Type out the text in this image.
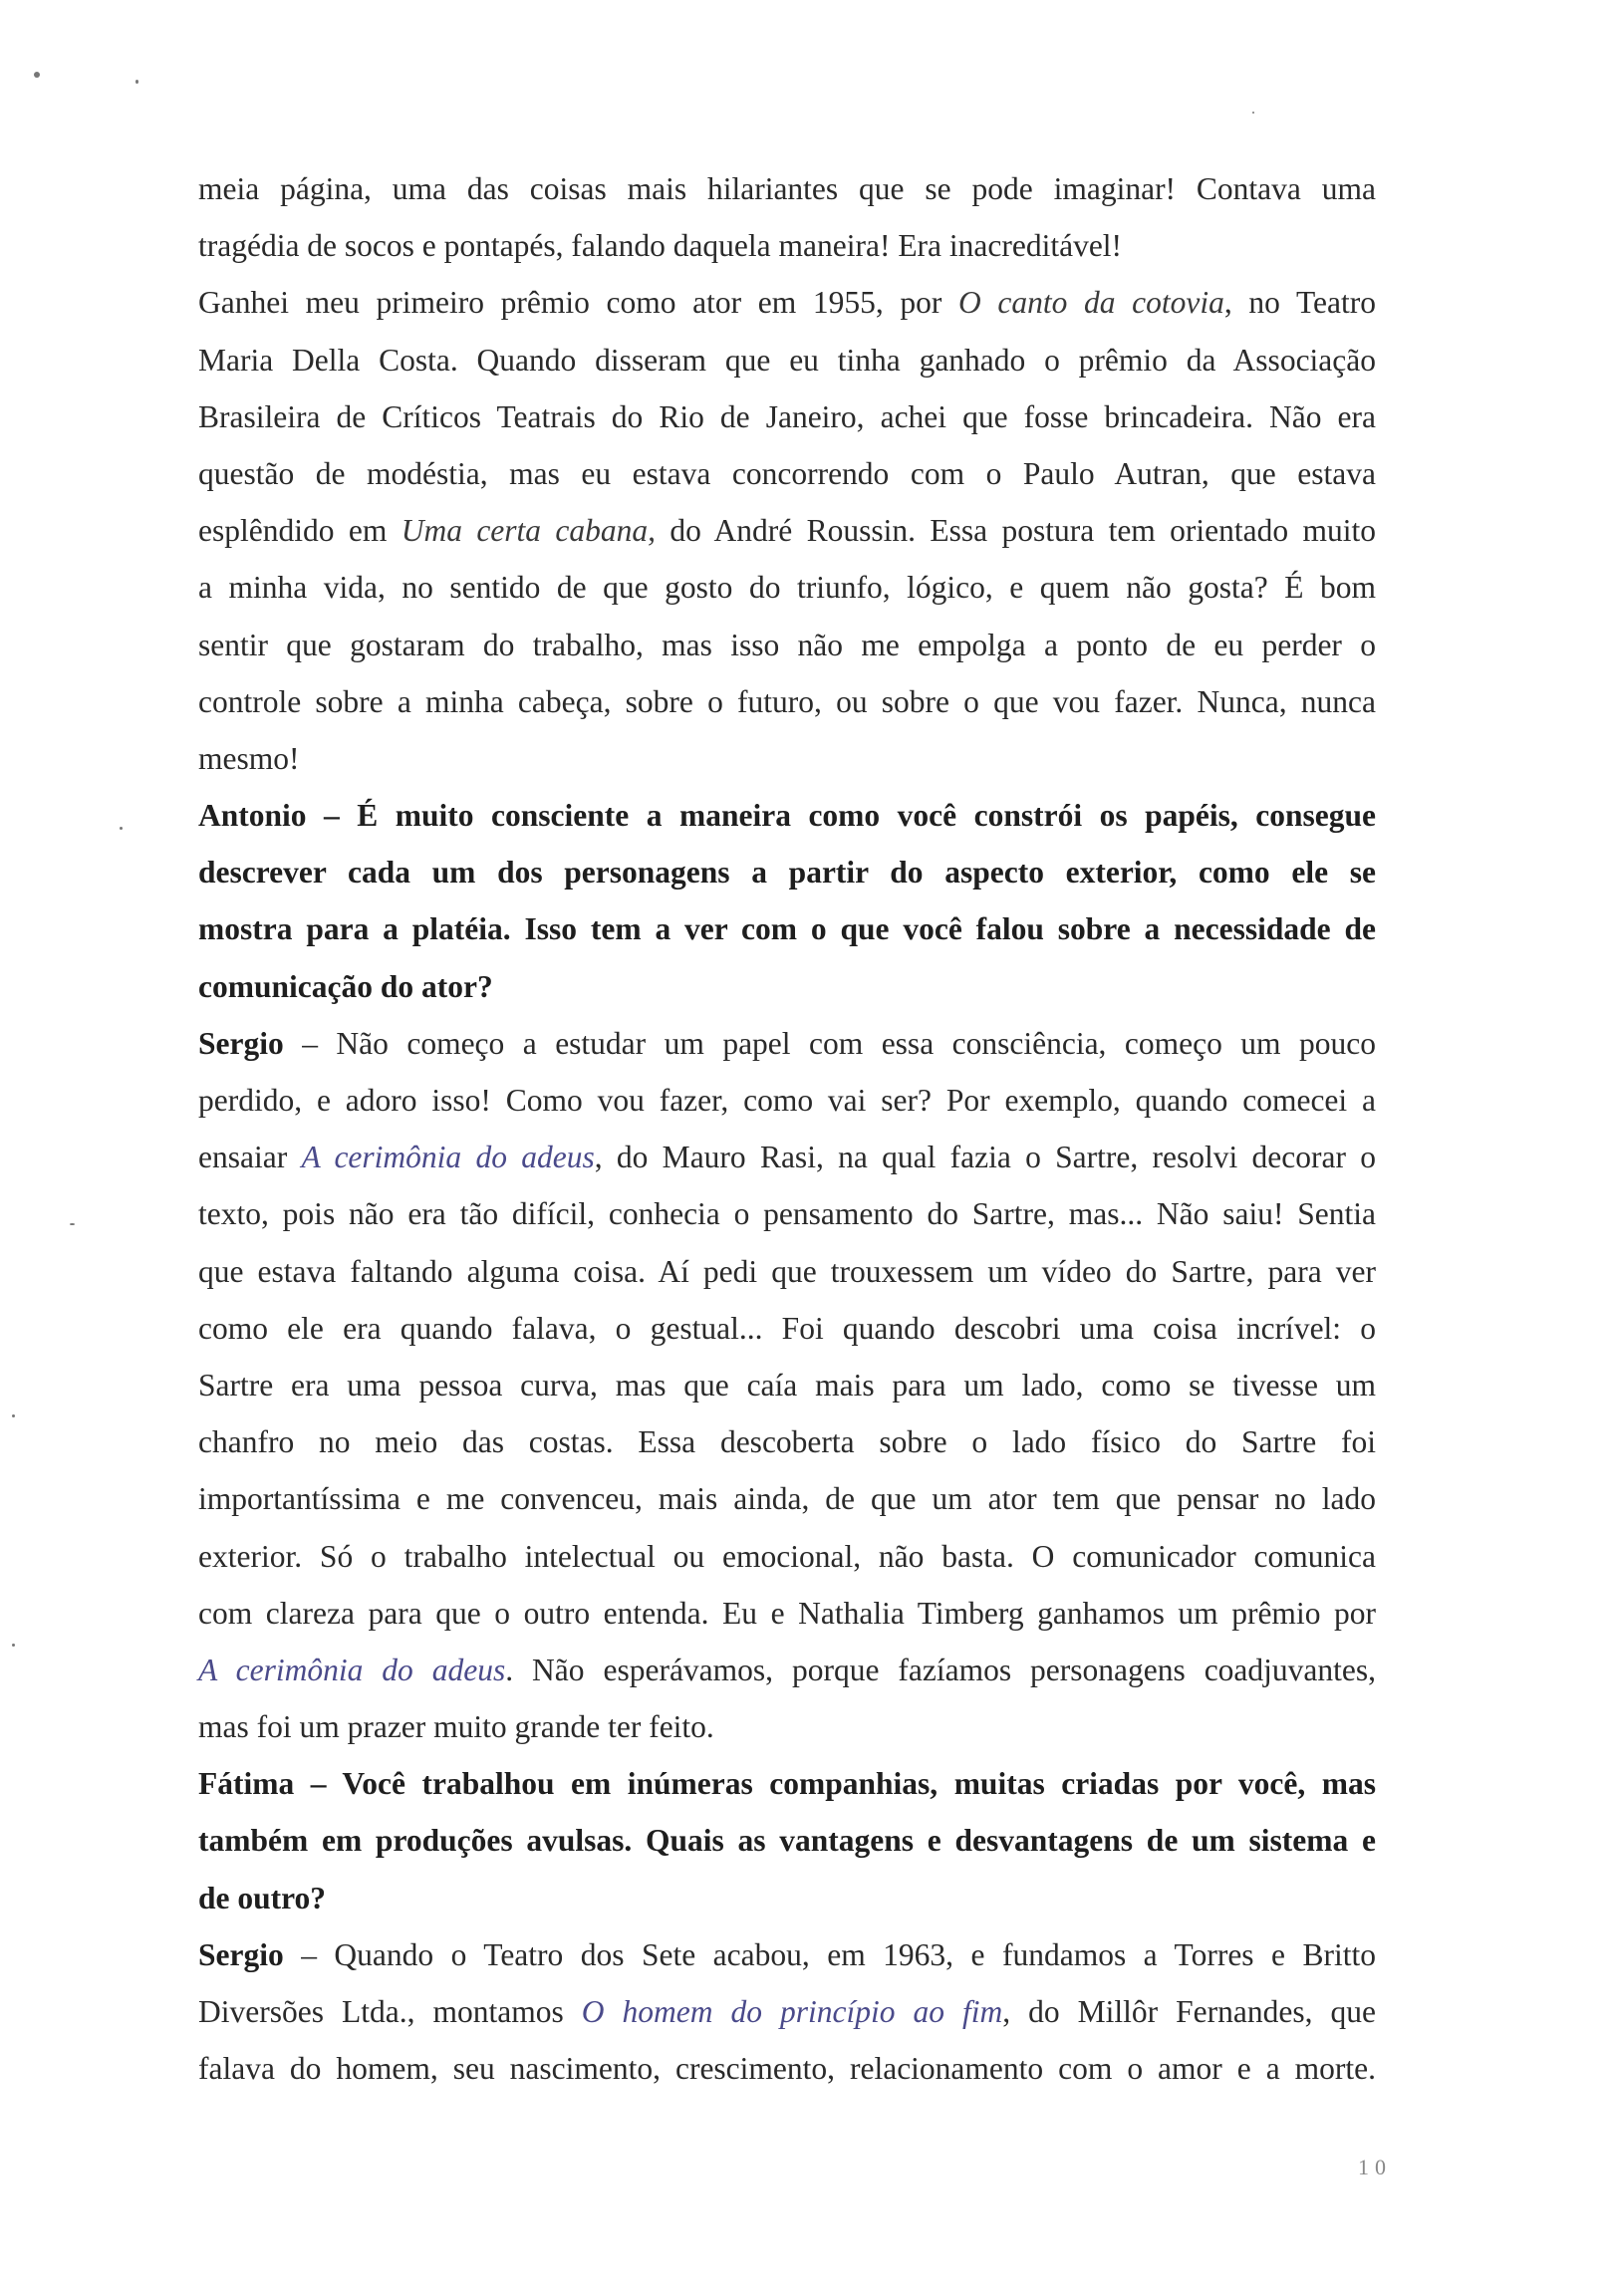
meia página, uma das coisas mais hilariantes que se pode imaginar! Contava uma
tragédia de socos e pontapés, falando daquela maneira! Era inacreditável!
Ganhei meu primeiro prêmio como ator em 1955, por O canto da cotovia, no Teatro
Maria Della Costa. Quando disseram que eu tinha ganhado o prêmio da Associação
Brasileira de Críticos Teatrais do Rio de Janeiro, achei que fosse brincadeira. Não era
questão de modéstia, mas eu estava concorrendo com o Paulo Autran, que estava
esplêndido em Uma certa cabana, do André Roussin. Essa postura tem orientado muito
a minha vida, no sentido de que gosto do triunfo, lógico, e quem não gosta? É bom
sentir que gostaram do trabalho, mas isso não me empolga a ponto de eu perder o
controle sobre a minha cabeça, sobre o futuro, ou sobre o que vou fazer. Nunca, nunca
mesmo!
Antonio – É muito consciente a maneira como você constrói os papéis, consegue
descrever cada um dos personagens a partir do aspecto exterior, como ele se
mostra para a platéia. Isso tem a ver com o que você falou sobre a necessidade de
comunicação do ator?
Sergio – Não começo a estudar um papel com essa consciência, começo um pouco
perdido, e adoro isso! Como vou fazer, como vai ser? Por exemplo, quando comecei a
ensaiar A cerimônia do adeus, do Mauro Rasi, na qual fazia o Sartre, resolvi decorar o
texto, pois não era tão difícil, conhecia o pensamento do Sartre, mas... Não saiu! Sentia
que estava faltando alguma coisa. Aí pedi que trouxessem um vídeo do Sartre, para ver
como ele era quando falava, o gestual... Foi quando descobri uma coisa incrível: o
Sartre era uma pessoa curva, mas que caía mais para um lado, como se tivesse um
chanfro no meio das costas. Essa descoberta sobre o lado físico do Sartre foi
importantíssima e me convenceu, mais ainda, de que um ator tem que pensar no lado
exterior. Só o trabalho intelectual ou emocional, não basta. O comunicador comunica
com clareza para que o outro entenda. Eu e Nathalia Timberg ganhamos um prêmio por
A cerimônia do adeus. Não esperávamos, porque fazíamos personagens coadjuvantes,
mas foi um prazer muito grande ter feito.
Fátima – Você trabalhou em inúmeras companhias, muitas criadas por você, mas
também em produções avulsas. Quais as vantagens e desvantagens de um sistema e
de outro?
Sergio – Quando o Teatro dos Sete acabou, em 1963, e fundamos a Torres e Britto
Diversões Ltda., montamos O homem do princípio ao fim, do Millôr Fernandes, que
falava do homem, seu nascimento, crescimento, relacionamento com o amor e a morte.
10
